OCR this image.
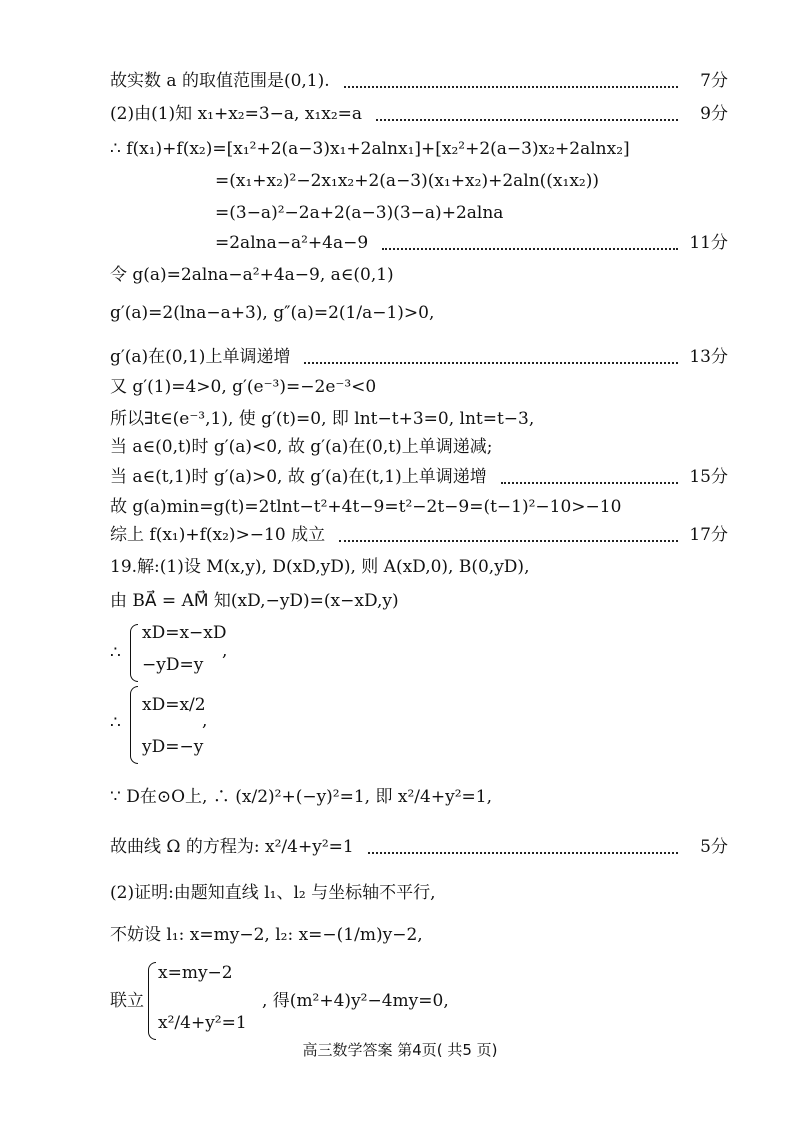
故实数 a 的取值范围是(0,1).	7分
(2)由(1)知 x₁+x₂=3−a, x₁x₂=a	9分
∴ f(x₁)+f(x₂)=[x₁²+2(a−3)x₁+2alnx₁]+[x₂²+2(a−3)x₂+2alnx₂]
=(x₁+x₂)²−2x₁x₂+2(a−3)(x₁+x₂)+2aln((x₁x₂))
=(3−a)²−2a+2(a−3)(3−a)+2alna
=2alna−a²+4a−9	11分
令 g(a)=2alna−a²+4a−9, a∈(0,1)
g′(a)=2(lna−a+3), g″(a)=2(1/a−1)>0,
g′(a)在(0,1)上单调递增	13分
又 g′(1)=4>0, g′(e⁻³)=−2e⁻³<0
所以∃t∈(e⁻³,1), 使 g′(t)=0, 即 lnt−t+3=0, lnt=t−3,
当 a∈(0,t)时 g′(a)<0, 故 g′(a)在(0,t)上单调递减;
当 a∈(t,1)时 g′(a)>0, 故 g′(a)在(t,1)上单调递增	15分
故 g(a)min=g(t)=2tlnt−t²+4t−9=t²−2t−9=(t−1)²−10>−10
综上 f(x₁)+f(x₂)>−10 成立	17分
19.解:(1)设 M(x,y), D(xD,yD), 则 A(xD,0), B(0,yD),
由 BA⃗ = AM⃗ 知(xD,−yD)=(x−xD,y)
∴
xD=x−xD
−yD=y
,
∴
xD=x/2
yD=−y
,
∵ D在⊙O上, ∴ (x/2)²+(−y)²=1, 即 x²/4+y²=1,
故曲线 Ω 的方程为: x²/4+y²=1	5分
(2)证明:由题知直线 l₁、l₂ 与坐标轴不平行,
不妨设 l₁: x=my−2, l₂: x=−(1/m)y−2,
联立
x=my−2
x²/4+y²=1
, 得(m²+4)y²−4my=0,
高三数学答案 第4页( 共5 页)
